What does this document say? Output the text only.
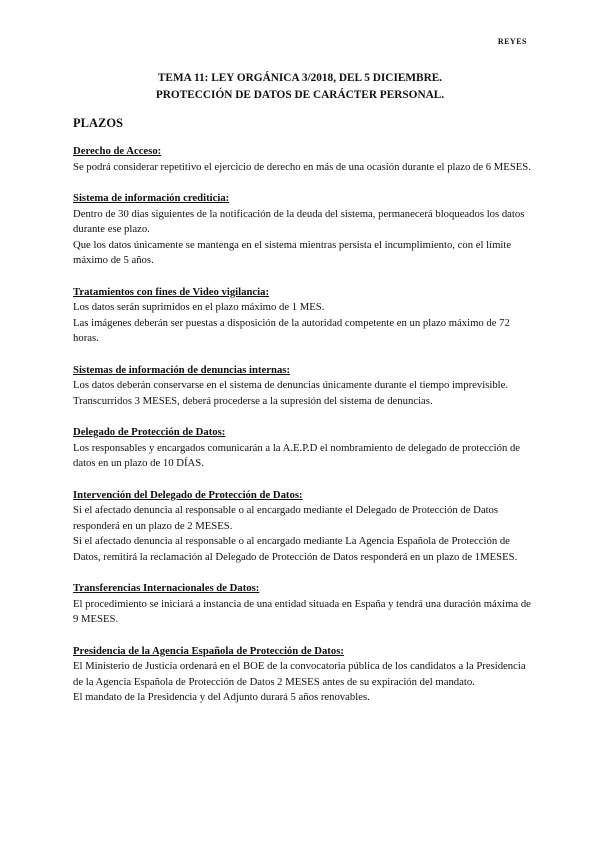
REYES
TEMA 11: LEY ORGÁNICA 3/2018, DEL 5 DICIEMBRE.
PROTECCIÓN DE DATOS DE CARÁCTER PERSONAL.
PLAZOS
Derecho de Acceso:

Se podrá considerar repetitivo el ejercicio de derecho en más de una ocasión durante el plazo de 6 MESES.

Sistema de información crediticia:

Dentro de 30 días siguientes de la notificación de la deuda del sistema, permanecerá bloqueados los datos durante ese plazo.

Que los datos únicamente se mantenga en el sistema mientras persista el incumplimiento, con el límite máximo de 5 años.

Tratamientos con fines de Video vigilancia:

Los datos serán suprimidos en el plazo máximo de 1 MES.

Las imágenes deberán ser puestas a disposición de la autoridad competente en un plazo máximo de 72 horas.

Sistemas de información de denuncias internas:

Los datos deberán conservarse en el sistema de denuncias únicamente durante el tiempo imprevisible.

Transcurridos 3 MESES, deberá procederse a la supresión del sistema de denuncias.

Delegado de Protección de Datos:

Los responsables y encargados comunicarán a la A.E.P.D el nombramiento de delegado de protección de datos en un plazo de 10 DÍAS.

Intervención del Delegado de Protección de Datos:

Si el afectado denuncia al responsable o al encargado mediante el Delegado de Protección de Datos responderá en un plazo de 2 MESES.

Si el afectado denuncia al responsable o al encargado mediante La Agencia Española de Protección de Datos, remitirá la reclamación al Delegado de Protección de Datos responderá en un plazo de 1MESES.

Transferencias Internacionales de Datos:

El procedimiento se iniciará a instancia de una entidad situada en España y tendrá una duración máxima de 9 MESES.

Presidencia de la Agencia Española de Protección de Datos:

El Ministerio de Justicia ordenará en el BOE de la convocatoria pública de los candidatos a la Presidencia de la Agencia Española de Protección de Datos 2 MESES antes de su expiración del mandato.

El mandato de la Presidencia y del Adjunto durará 5 años renovables.
